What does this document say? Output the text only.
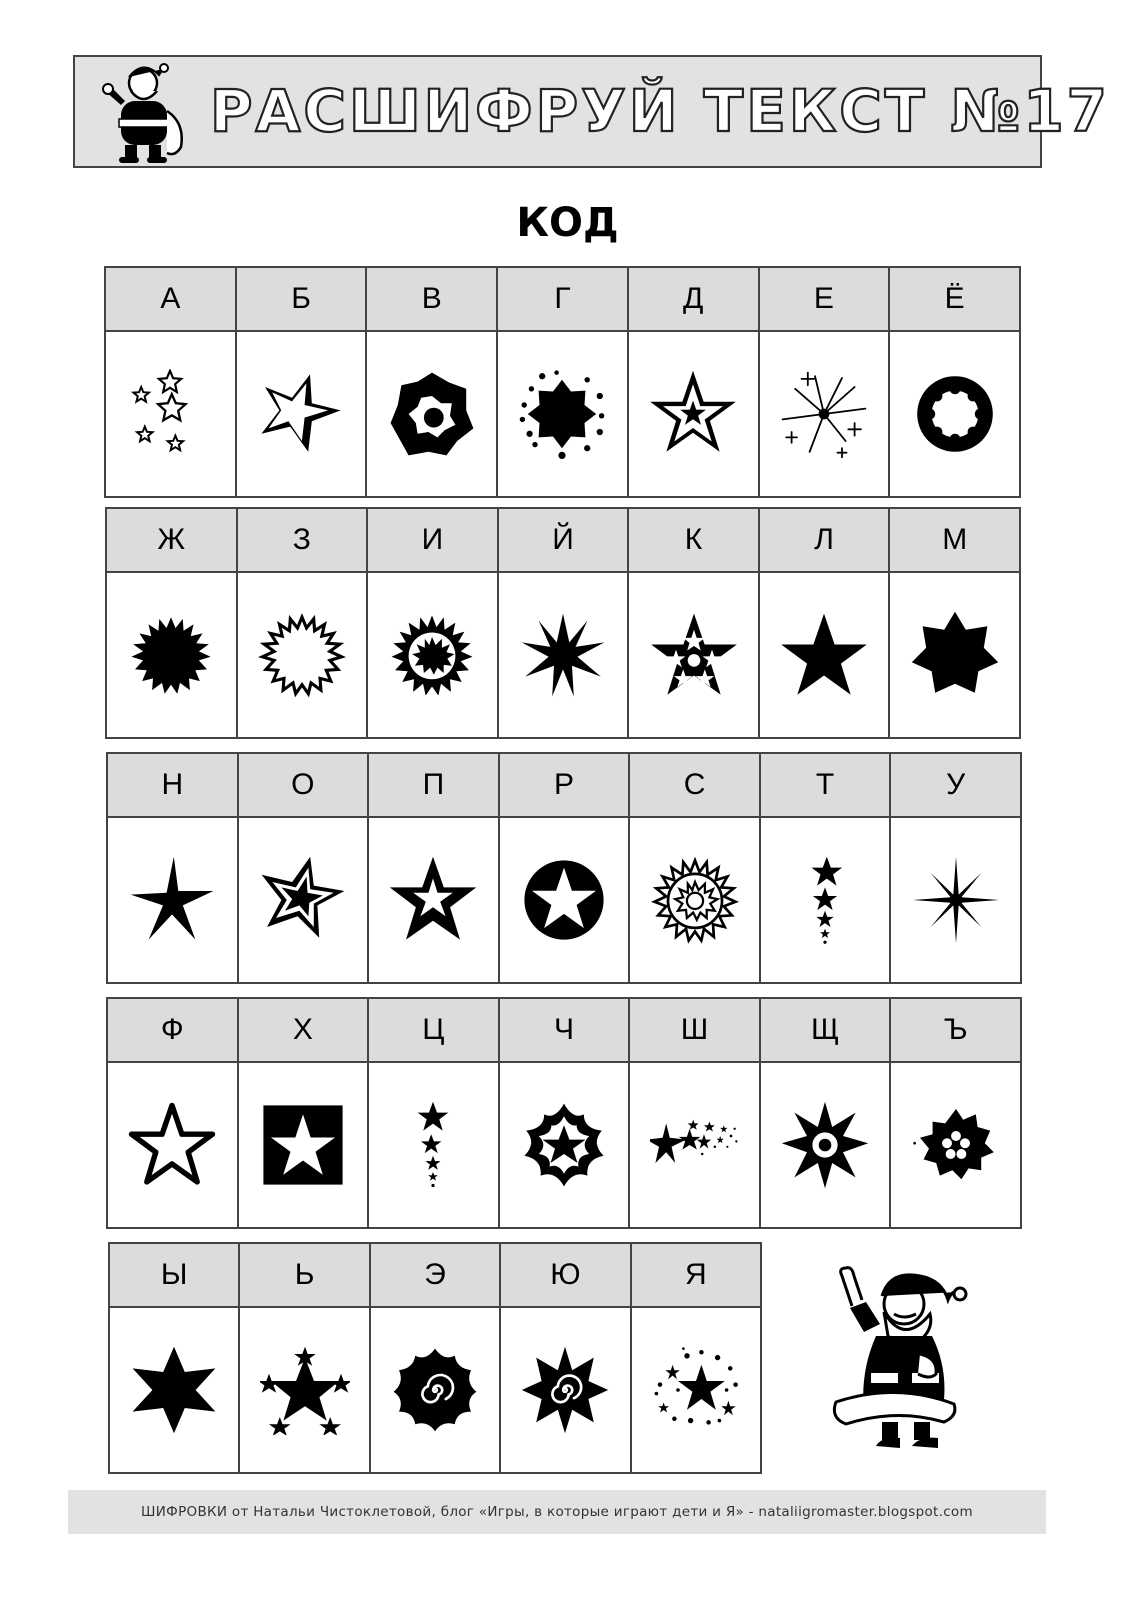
РАСШИФРУЙ ТЕКСТ №17
КОД
А	Б	В	Г	Д	Е	Ё

Ж	З	И	Й	К	Л	М

Н	О	П	Р	С	Т	У

Ф	Х	Ц	Ч	Ш	Щ	Ъ

Ы	Ь	Э	Ю	Я

ШИФРОВКИ от Натальи Чистоклетовой, блог «Игры, в которые играют дети и Я» - nataliigromaster.blogspot.com
